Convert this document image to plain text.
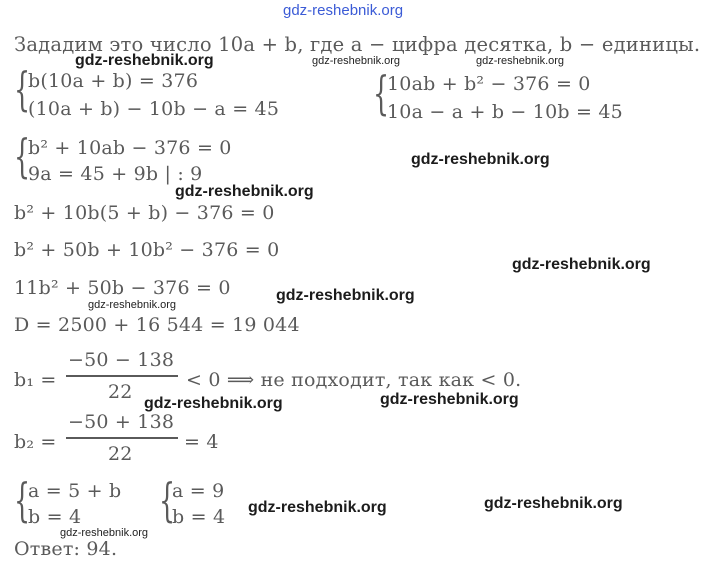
gdz-reshebnik.org
Зададим это число 10a + b, где a − цифра десятка, b − единицы.
{
b(10a + b) = 376
(10a + b) − 10b − a = 45 {
10ab + b² − 376 = 0
10a − a + b − 10b = 45
{
b² + 10ab − 376 = 0
9a = 45 + 9b | : 9
b² + 10b(5 + b) − 376 = 0
b² + 50b + 10b² − 376 = 0
11b² + 50b − 376 = 0
D = 2500 + 16 544 = 19 044
b₁ =
−50 − 138
22
< 0 ⟹ не подходит, так как < 0.
b₂ =
−50 + 138
22
= 4
{
a = 5 + b
b = 4 {
a = 9
b = 4
Ответ: 94.
gdz-reshebnik.org	gdz-reshebnik.org	gdz-reshebnik.org
gdz-reshebnik.org
gdz-reshebnik.org
gdz-reshebnik.org
gdz-reshebnik.org
gdz-reshebnik.org
gdz-reshebnik.org
gdz-reshebnik.org
gdz-reshebnik.org
gdz-reshebnik.org
gdz-reshebnik.org
